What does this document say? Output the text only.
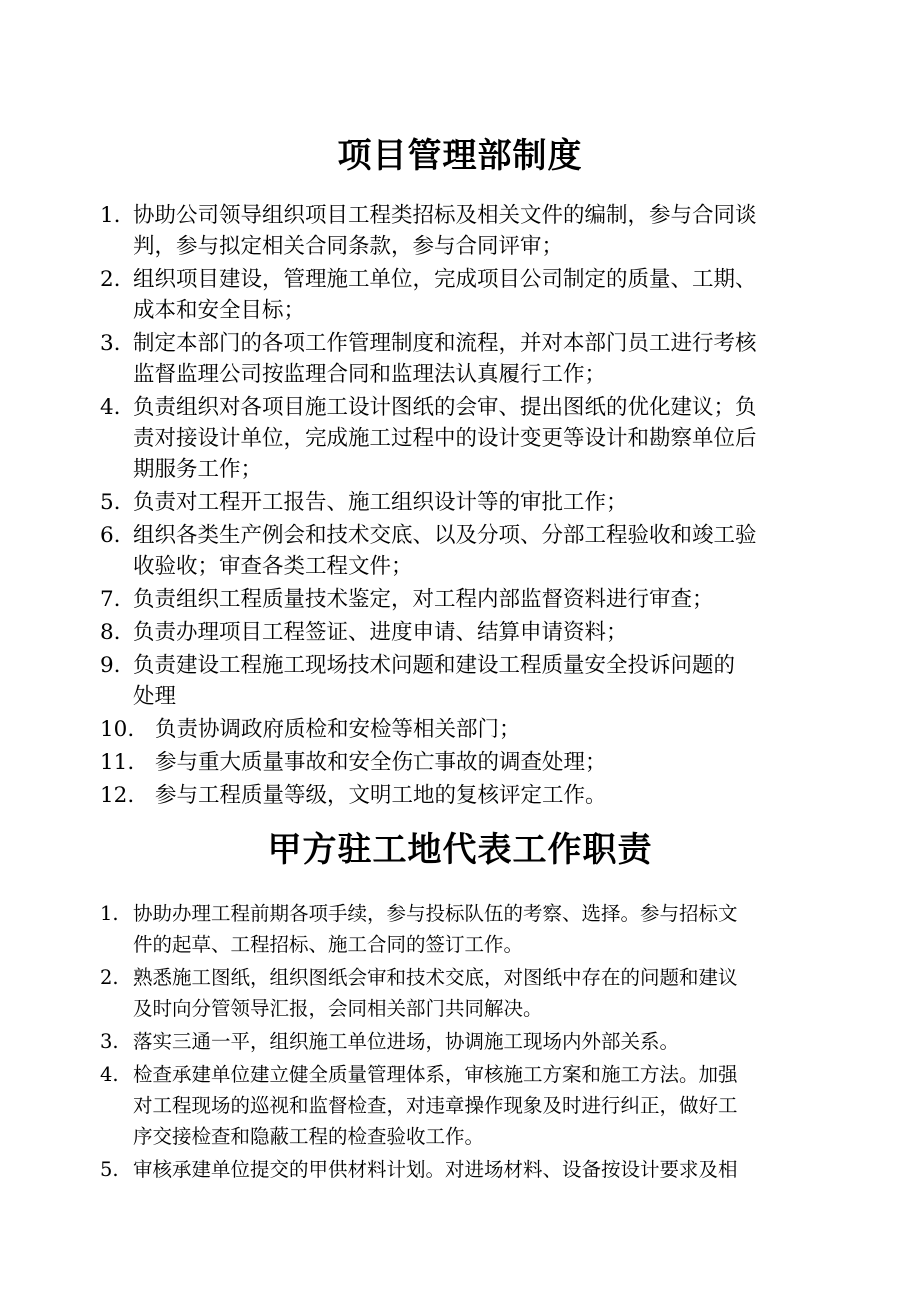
项目管理部制度
1. 协助公司领导组织项目工程类招标及相关文件的编制，参与合同谈
判，参与拟定相关合同条款，参与合同评审；
2. 组织项目建设，管理施工单位，完成项目公司制定的质量、工期、
成本和安全目标；
3. 制定本部门的各项工作管理制度和流程，并对本部门员工进行考核
监督监理公司按监理合同和监理法认真履行工作；
4. 负责组织对各项目施工设计图纸的会审、提出图纸的优化建议；负
责对接设计单位，完成施工过程中的设计变更等设计和勘察单位后
期服务工作；
5. 负责对工程开工报告、施工组织设计等的审批工作；
6. 组织各类生产例会和技术交底、以及分项、分部工程验收和竣工验
收验收；审查各类工程文件；
7. 负责组织工程质量技术鉴定，对工程内部监督资料进行审查；
8. 负责办理项目工程签证、进度申请、结算申请资料；
9. 负责建设工程施工现场技术问题和建设工程质量安全投诉问题的
处理
10. 负责协调政府质检和安检等相关部门；
11. 参与重大质量事故和安全伤亡事故的调查处理；
12. 参与工程质量等级，文明工地的复核评定工作。
甲方驻工地代表工作职责
1. 协助办理工程前期各项手续，参与投标队伍的考察、选择。参与招标文
件的起草、工程招标、施工合同的签订工作。
2. 熟悉施工图纸，组织图纸会审和技术交底，对图纸中存在的问题和建议
及时向分管领导汇报，会同相关部门共同解决。
3. 落实三通一平，组织施工单位进场，协调施工现场内外部关系。
4. 检查承建单位建立健全质量管理体系，审核施工方案和施工方法。加强
对工程现场的巡视和监督检查，对违章操作现象及时进行纠正，做好工
序交接检查和隐蔽工程的检查验收工作。
5. 审核承建单位提交的甲供材料计划。对进场材料、设备按设计要求及相
